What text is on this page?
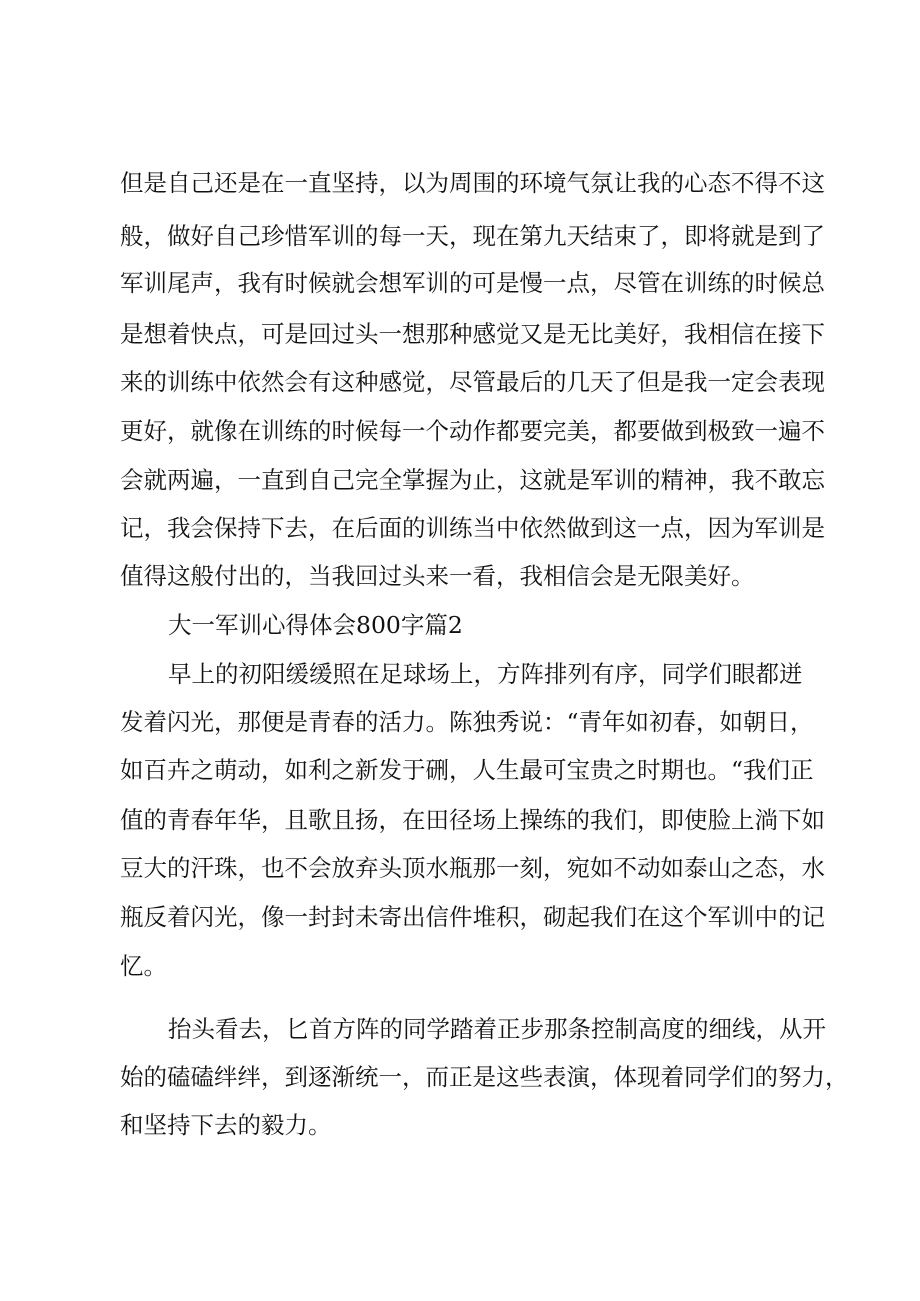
但是自己还是在一直坚持，以为周围的环境气氛让我的心态不得不这

般，做好自己珍惜军训的每一天，现在第九天结束了，即将就是到了

军训尾声，我有时候就会想军训的可是慢一点，尽管在训练的时候总

是想着快点，可是回过头一想那种感觉又是无比美好，我相信在接下

来的训练中依然会有这种感觉，尽管最后的几天了但是我一定会表现

更好，就像在训练的时候每一个动作都要完美，都要做到极致一遍不

会就两遍，一直到自己完全掌握为止，这就是军训的精神，我不敢忘

记，我会保持下去，在后面的训练当中依然做到这一点，因为军训是

值得这般付出的，当我回过头来一看，我相信会是无限美好。

大一军训心得体会800字篇2

早上的初阳缓缓照在足球场上，方阵排列有序，同学们眼都迸

发着闪光，那便是青春的活力。陈独秀说：“青年如初春，如朝日，

如百卉之萌动，如利之新发于硎，人生最可宝贵之时期也。“我们正

值的青春年华，且歌且扬，在田径场上操练的我们，即使脸上淌下如

豆大的汗珠，也不会放弃头顶水瓶那一刻，宛如不动如泰山之态，水

瓶反着闪光，像一封封未寄出信件堆积，砌起我们在这个军训中的记

忆。

抬头看去，匕首方阵的同学踏着正步那条控制高度的细线，从开

始的磕磕绊绊，到逐渐统一，而正是这些表演，体现着同学们的努力，

和坚持下去的毅力。
